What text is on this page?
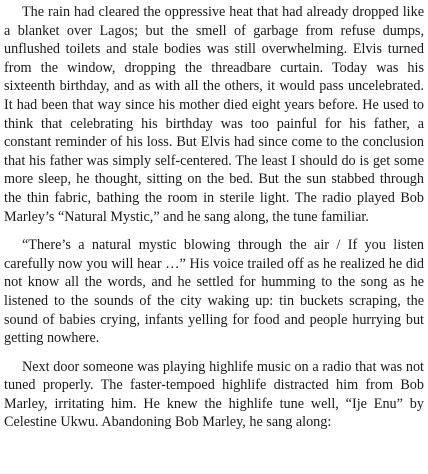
The rain had cleared the oppressive heat that had already dropped like a blanket over Lagos; but the smell of garbage from refuse dumps, unflushed toilets and stale bodies was still overwhelming. Elvis turned from the window, dropping the threadbare curtain. Today was his sixteenth birthday, and as with all the others, it would pass uncelebrated. It had been that way since his mother died eight years before. He used to think that celebrating his birthday was too painful for his father, a constant reminder of his loss. But Elvis had since come to the conclusion that his father was simply self-centered. The least I should do is get some more sleep, he thought, sitting on the bed. But the sun stabbed through the thin fabric, bathing the room in sterile light. The radio played Bob Marley’s “Natural Mystic,” and he sang along, the tune familiar.

“There’s a natural mystic blowing through the air / If you listen carefully now you will hear …” His voice trailed off as he realized he did not know all the words, and he settled for humming to the song as he listened to the sounds of the city waking up: tin buckets scraping, the sound of babies crying, infants yelling for food and people hurrying but getting nowhere.

Next door someone was playing highlife music on a radio that was not tuned properly. The faster-tempoed highlife distracted him from Bob Marley, irritating him. He knew the highlife tune well, “Ije Enu” by Celestine Ukwu. Abandoning Bob Marley, he sang along:
